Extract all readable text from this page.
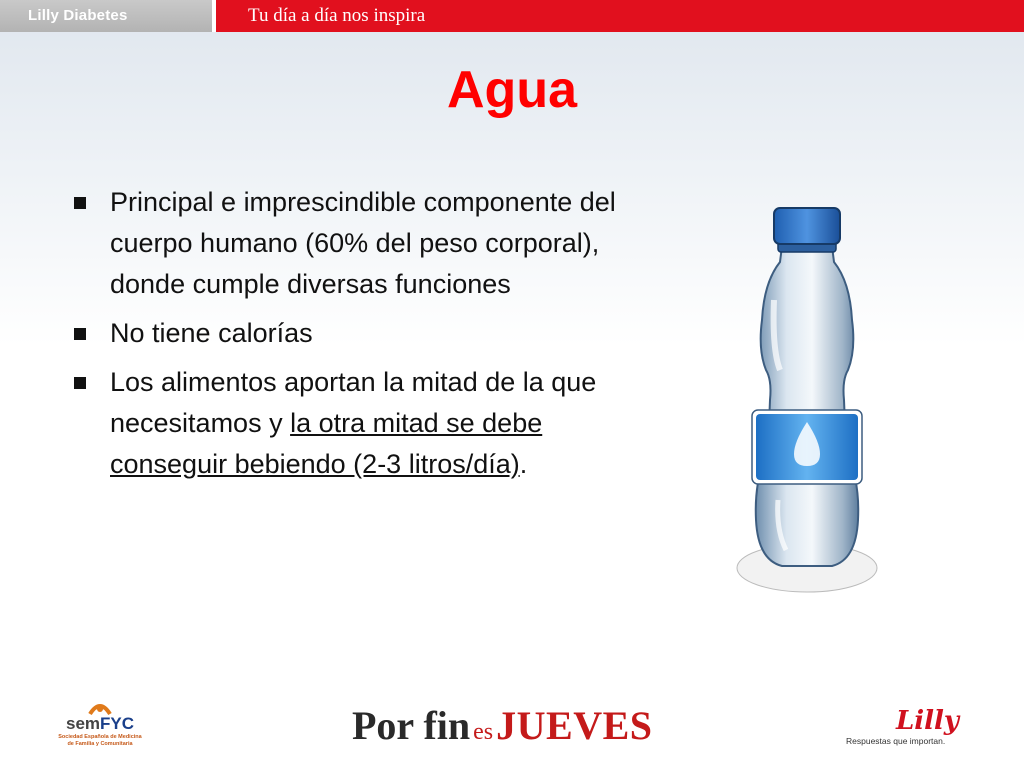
Lilly Diabetes	Tu día a día nos inspira
Agua
Principal e imprescindible componente del cuerpo humano (60% del peso corporal), donde cumple diversas funciones
No tiene calorías
Los alimentos aportan la mitad de la que necesitamos y la otra mitad se debe conseguir bebiendo (2-3 litros/día).
semFYC
Sociedad Española de Medicina de Familia y Comunitaria	Por fin esJUEVES	Lilly
Respuestas que importan.
